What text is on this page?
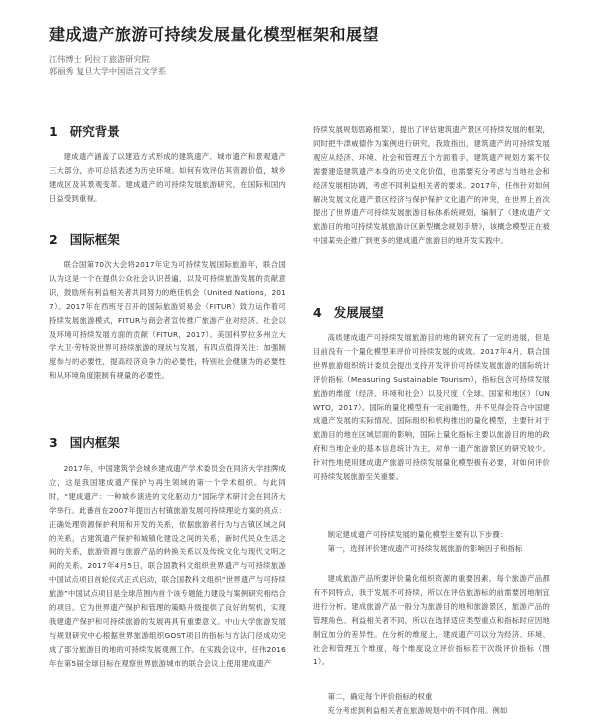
建成遗产旅游可持续发展量化模型框架和展望
江伟博士 阿拉丁旅游研究院
郭丽秀 复旦大学中国语言文学系
1 研究背景
建成遗产涵盖了以建造方式形成的建筑遗产、城市遗产和景观遗产三大部分，亦可总括表述为历史环境。如何有效评估其资源价值，城乡建成区及其景观变革。建成遗产的可持续发展旅游研究，在国际和国内日益受到重视。
2 国际框架
联合国第70次大会将2017年定为可持续发展国际旅游年，联合国认为这是一个在提供公众社会认识普遍，以及可持续旅游发展的贡献意识，鼓励所有利益相关者共同努力的绝佳机会（United Nations，2017）。2017年在西班牙召开的国际旅游贸易会（FITUR）致力运作着可持续发展旅游模式，FITUR与商会者宣传推广旅游产业对经济、社会以及环境可持续发展方面的贡献（FITUR，2017）。美国科罗拉多州立大学大卫·劳特说世界可持续旅游的现状与发展，有四点值得关注：加强制度参与的必要性，提高经济竞争力的必要性，特别社会健康为的必要性和从环境角度限制有规量的必要性。
3 国内框架
2017年，中国建筑学会城乡建成遗产学术委员会在同济大学挂牌成立，这是我国建成遗产保护与再生领域的第一个学术组织。与此同时，“建成遗产：一种城乡演进的文化驱动力”国际学术研讨会在同济大学举行。此番首在2007年提出古村镇旅游发展可持续理论方案的亮点：正确处理资源保护利用和开发的关系，依据旅游者行为与古镇区域之间的关系，古建筑遗产保护和城镇化建设之间的关系，新时代民众生活之间的关系，旅游资源与旅游产品的转换关系以及传统文化与现代文明之间的关系。2017年4月5日，联合国教科文组织世界遗产与可持续旅游中国试点项目首轮仪式正式启动，联合国教科文组织“世界遗产与可持续旅游”中国试点项目是全球范围内首个该专题能力建设与案例研究相结合的项目。它为世界遗产保护和管理的策略升级提供了良好的契机，实现我建遗产保护和可持续旅游的发展再具有重要意义。中山大学旅游发展与规划研究中心根据世界旅游组织GOST项目的指标与方法门径成功完成了部分旅游目的地的可持续发展观测工作。在实践会议中，任伟2016年在第5届全球目标在观察世界旅游城市的联合会议上使用建成遗产
持续发展规划思路框架），提出了评估建筑遗产景区可持续发展的框架，同时把牛津威德作为案例进行研究，我致指出，建筑遗产的可持续发展观应从经济、环境、社会和管理五个方面着手，建筑遗产规划方案不仅需要建造建筑遗产本身的历史文化价值，也需要充分考虑与当地社会和经济发展相协调，考虑不同利益相关者的要求。2017年，任伟针对如何解决发展文化遗产景区经济与保护保护文化遗产的冲突，在世界上首次提出了世界遗产可持续发展旅游目标体系统规划，编制了《建成遗产文旅游目的地可持续发展旅游计区新型概念规划手册》，该概念模型正在被中国某央企推广到更多的建成遗产旅游目的地开发实践中。
4 发展展望
高质建成遗产可持续发展旅游目的地的研究有了一定的进展，但是目前没有一个量化模型来评价可持续发展的成效。2017年4月，联合国世界旅游组织统计委员会提出支持开发评价可持续发展旅游的国际统计评价指标（Measuring Sustainable Tourism），指标包含可持续发展旅游的维度（经济、环境和社会）以及尺度（全球、国家和地区）（UNWTO，2017）。国际的量化模型有一定前瞻性，并不见得会符合中国建成遗产发展的实际情况。国际组织和机构推出的量化模型，主要针对于旅游目的地在区域层面的影响，国际上量化指标主要以旅游目的地的政府和当地企业的基本信息统计为主，对单一遗产旅游景区的研究较少。针对性地使用建成遗产旅游可持续发展量化模型极有必要，对如何评价可持续发展旅游至关重要。
制定建成遗产可持续发展的量化模型主要有以下步骤：
第一，选择评价建成遗产可持续发展旅游的影响因子和指标
建成旅游产品所要评价量化组织资源的重要因素，每个旅游产品都有不同特点，我于发展不可持续，所以在评估旅游标的前需要因地制宜进行分析。建成旅游产品一般分为旅游目的地和旅游景区，旅游产品的管理角色、利益相关者不同，所以在选择适应类型重点和指标时应因地制宜加分的差异性。在分析的维度上，建成遗产可以分为经济、环境、社会和管理五个维度，每个维度设立评价指标若干次级评价指标（图1）。
第二，确定每个评价指标的权重
充分考虑到利益相关者在旅游规划中的不同作用。例如
